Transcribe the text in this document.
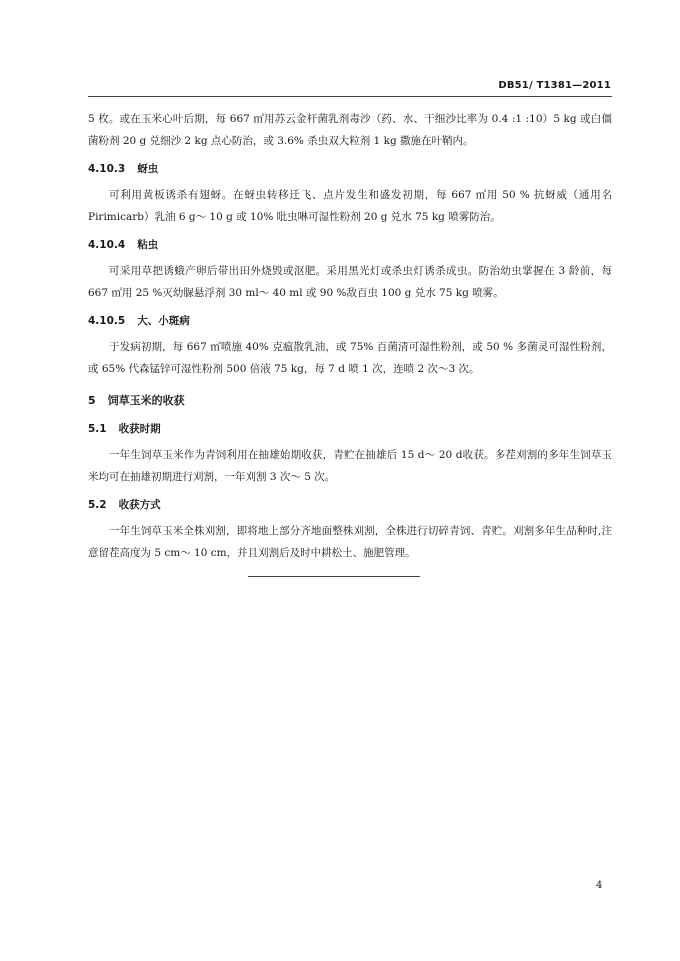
DB51/ T1381—2011

5 枚。或在玉米心叶后期，每 667 ㎡用苏云金杆菌乳剂毒沙（药、水、干细沙比率为 0.4 :1 :10）5 kg 或白僵菌粉剂 20 g 兑细沙 2 kg 点心防治，或 3.6% 杀虫双大粒剂 1 kg 撒施在叶鞘内。

4.10.3 蚜虫

可利用黄板诱杀有翅蚜。在蚜虫转移迁飞、点片发生和盛发初期，每 667 ㎡用 50 % 抗蚜威（通用名 Pirimicarb）乳油 6 g～ 10 g 或 10% 吡虫啉可湿性粉剂 20 g 兑水 75 kg 喷雾防治。

4.10.4 粘虫

可采用草把诱蛾产卵后带出田外烧毁或沤肥。采用黑光灯或杀虫灯诱杀成虫。防治幼虫掌握在 3 龄前，每 667 ㎡用 25 %灭幼脲悬浮剂 30 ml～ 40 ml 或 90 %敌百虫 100 g 兑水 75 kg 喷雾。

4.10.5 大、小斑病

于发病初期，每 667 ㎡喷施 40% 克瘟散乳油，或 75% 百菌清可湿性粉剂，或 50 % 多菌灵可湿性粉剂，或 65% 代森锰锌可湿性粉剂 500 倍液 75 kg，每 7 d 喷 1 次，连喷 2 次～3 次。

5 饲草玉米的收获
5.1 收获时期

一年生饲草玉米作为青饲利用在抽雄始期收获，青贮在抽雄后 15 d～ 20 d收获。多茬刈割的多年生饲草玉米均可在抽雄初期进行刈割，一年刈割 3 次～ 5 次。

5.2 收获方式

一年生饲草玉米全株刈割，即将地上部分齐地面整株刈割，全株进行切碎青饲、青贮。刈割多年生品种时,注意留茬高度为 5 cm～ 10 cm，并且刈割后及时中耕松土、施肥管理。

4
